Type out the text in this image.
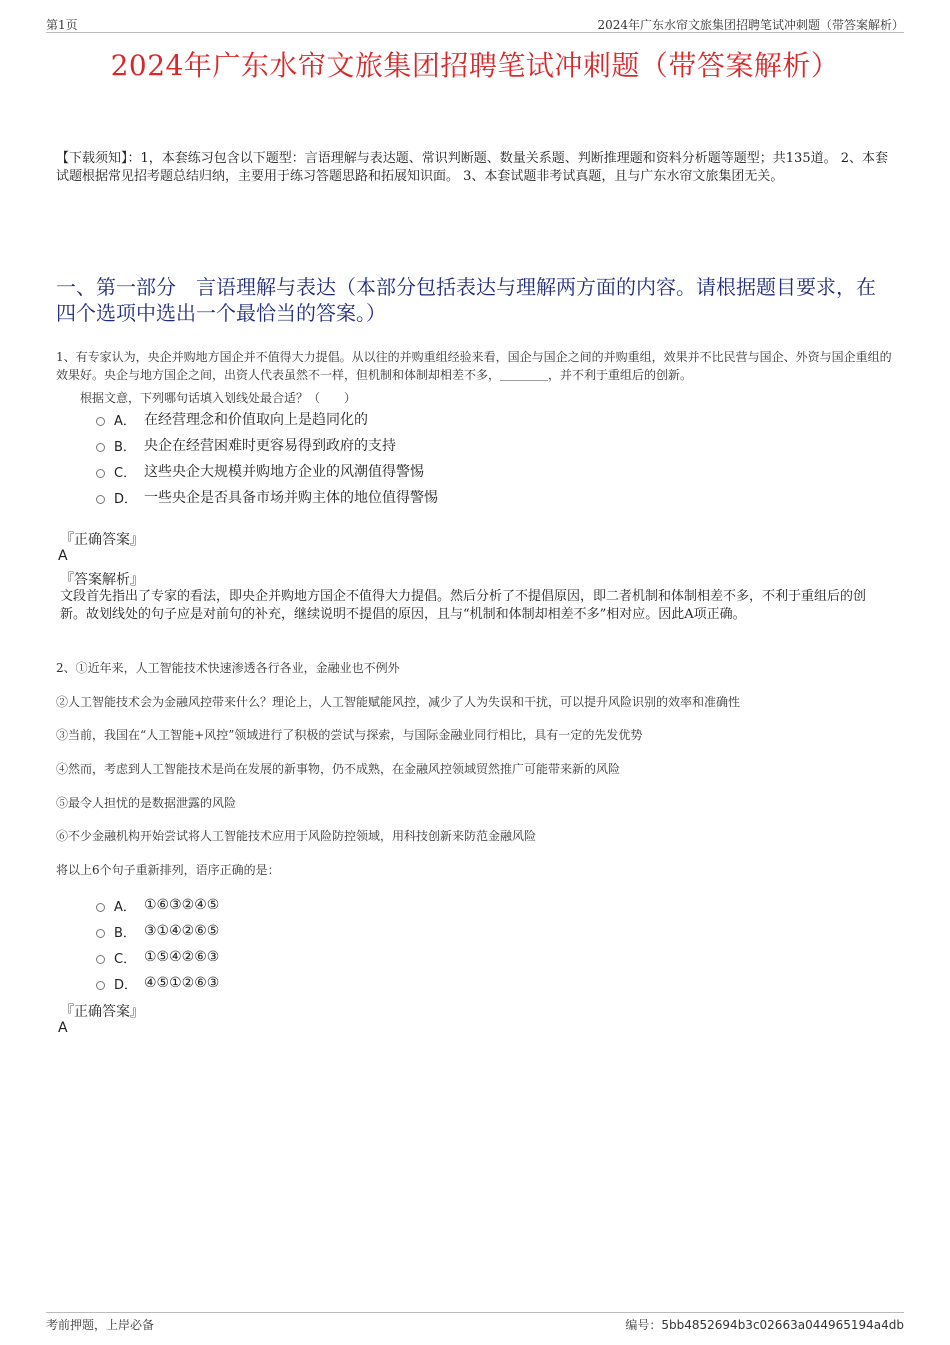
第1页	2024年广东水帘文旅集团招聘笔试冲刺题（带答案解析）
2024年广东水帘文旅集团招聘笔试冲刺题（带答案解析）
【下载须知】：1，本套练习包含以下题型：言语理解与表达题、常识判断题、数量关系题、判断推理题和资料分析题等题型；共135道。 2、本套试题根据常见招考题总结归纳，主要用于练习答题思路和拓展知识面。 3、本套试题非考试真题，且与广东水帘文旅集团无关。
一、第一部分　言语理解与表达（本部分包括表达与理解两方面的内容。请根据题目要求，在四个选项中选出一个最恰当的答案。）
1、有专家认为，央企并购地方国企并不值得大力提倡。从以往的并购重组经验来看，国企与国企之间的并购重组，效果并不比民营与国企、外资与国企重组的效果好。央企与地方国企之间，出资人代表虽然不一样，但机制和体制却相差不多，＿＿＿＿，并不利于重组后的创新。
根据文意，下列哪句话填入划线处最合适？（　　）
A． 在经营理念和价值取向上是趋同化的
B． 央企在经营困难时更容易得到政府的支持
C． 这些央企大规模并购地方企业的风潮值得警惕
D． 一些央企是否具备市场并购主体的地位值得警惕
『正确答案』
A
『答案解析』
文段首先指出了专家的看法，即央企并购地方国企不值得大力提倡。然后分析了不提倡原因，即二者机制和体制相差不多，不利于重组后的创新。故划线处的句子应是对前句的补充，继续说明不提倡的原因，且与“机制和体制却相差不多”相对应。因此A项正确。
2、①近年来，人工智能技术快速渗透各行各业，金融业也不例外
②人工智能技术会为金融风控带来什么？理论上，人工智能赋能风控，减少了人为失误和干扰，可以提升风险识别的效率和准确性
③当前，我国在“人工智能+风控”领域进行了积极的尝试与探索，与国际金融业同行相比，具有一定的先发优势
④然而，考虑到人工智能技术是尚在发展的新事物，仍不成熟，在金融风控领域贸然推广可能带来新的风险
⑤最令人担忧的是数据泄露的风险
⑥不少金融机构开始尝试将人工智能技术应用于风险防控领域，用科技创新来防范金融风险
将以上6个句子重新排列，语序正确的是：
A． ①⑥③②④⑤
B． ③①④②⑥⑤
C． ①⑤④②⑥③
D． ④⑤①②⑥③
『正确答案』
A
考前押题，上岸必备	编号：5bb4852694b3c02663a044965194a4db
